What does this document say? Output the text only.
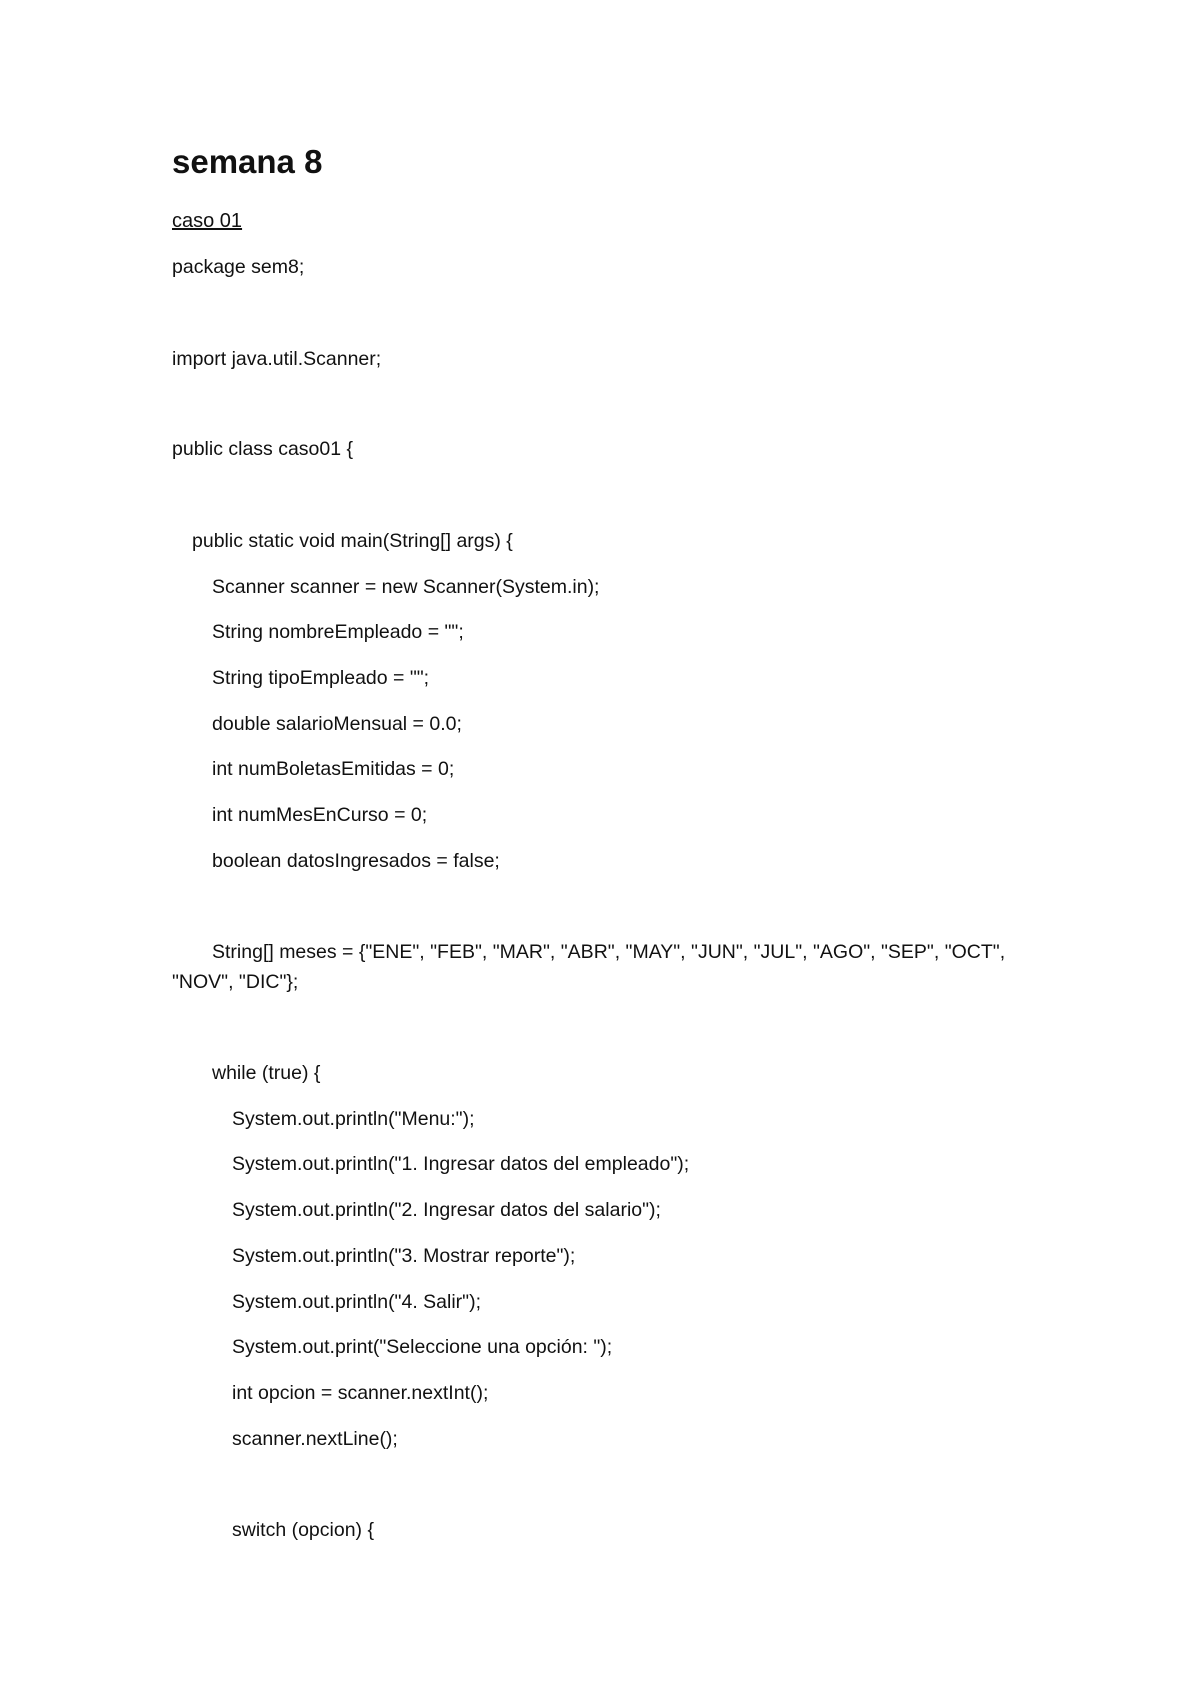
semana 8
caso 01
package sem8;
import java.util.Scanner;
public class caso01 {
public static void main(String[] args) {
Scanner scanner = new Scanner(System.in);
String nombreEmpleado = "";
String tipoEmpleado = "";
double salarioMensual = 0.0;
int numBoletasEmitidas = 0;
int numMesEnCurso = 0;
boolean datosIngresados = false;
String[] meses = {"ENE", "FEB", "MAR", "ABR", "MAY", "JUN", "JUL", "AGO", "SEP", "OCT",
"NOV", "DIC"};
while (true) {
System.out.println("Menu:");
System.out.println("1. Ingresar datos del empleado");
System.out.println("2. Ingresar datos del salario");
System.out.println("3. Mostrar reporte");
System.out.println("4. Salir");
System.out.print("Seleccione una opción: ");
int opcion = scanner.nextInt();
scanner.nextLine();
switch (opcion) {
